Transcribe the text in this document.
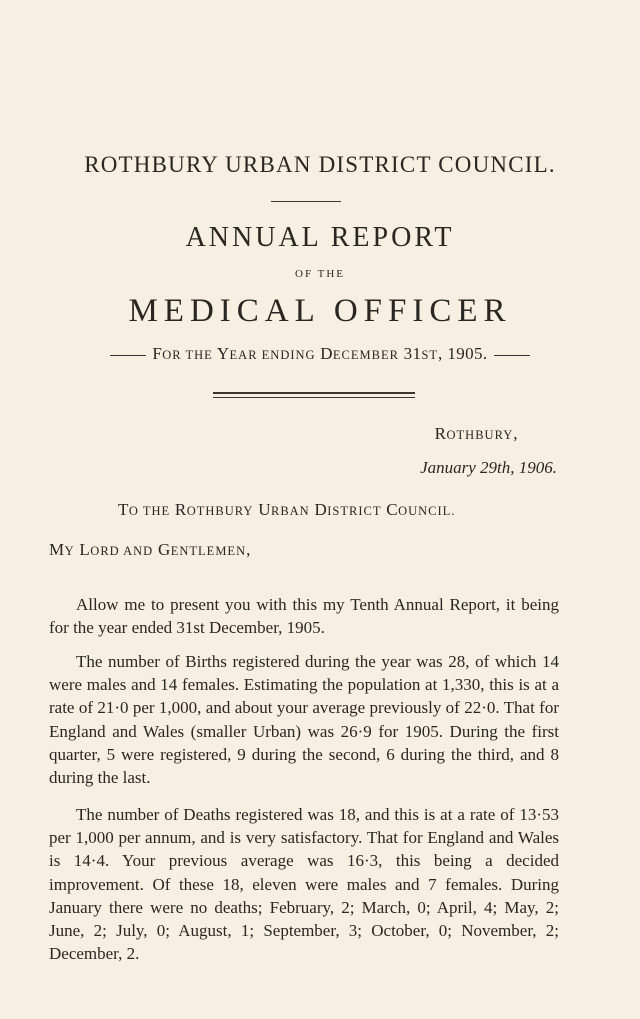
ROTHBURY URBAN DISTRICT COUNCIL.
ANNUAL REPORT
OF THE
MEDICAL OFFICER
FOR THE YEAR ENDING DECEMBER 31ST, 1905.
ROTHBURY,
January 29th, 1906.
TO THE ROTHBURY URBAN DISTRICT COUNCIL.
MY LORD AND GENTLEMEN,

Allow me to present you with this my Tenth Annual Report, it being for the year ended 31st December, 1905.

The number of Births registered during the year was 28, of which 14 were males and 14 females. Estimating the population at 1,330, this is at a rate of 21·0 per 1,000, and about your average previously of 22·0. That for England and Wales (smaller Urban) was 26·9 for 1905. During the first quarter, 5 were registered, 9 during the second, 6 during the third, and 8 during the last.

The number of Deaths registered was 18, and this is at a rate of 13·53 per 1,000 per annum, and is very satisfactory. That for England and Wales is 14·4. Your previous average was 16·3, this being a decided improvement. Of these 18, eleven were males and 7 females. During January there were no deaths; February, 2; March, 0; April, 4; May, 2; June, 2; July, 0; August, 1; September, 3; October, 0; November, 2; December, 2.
